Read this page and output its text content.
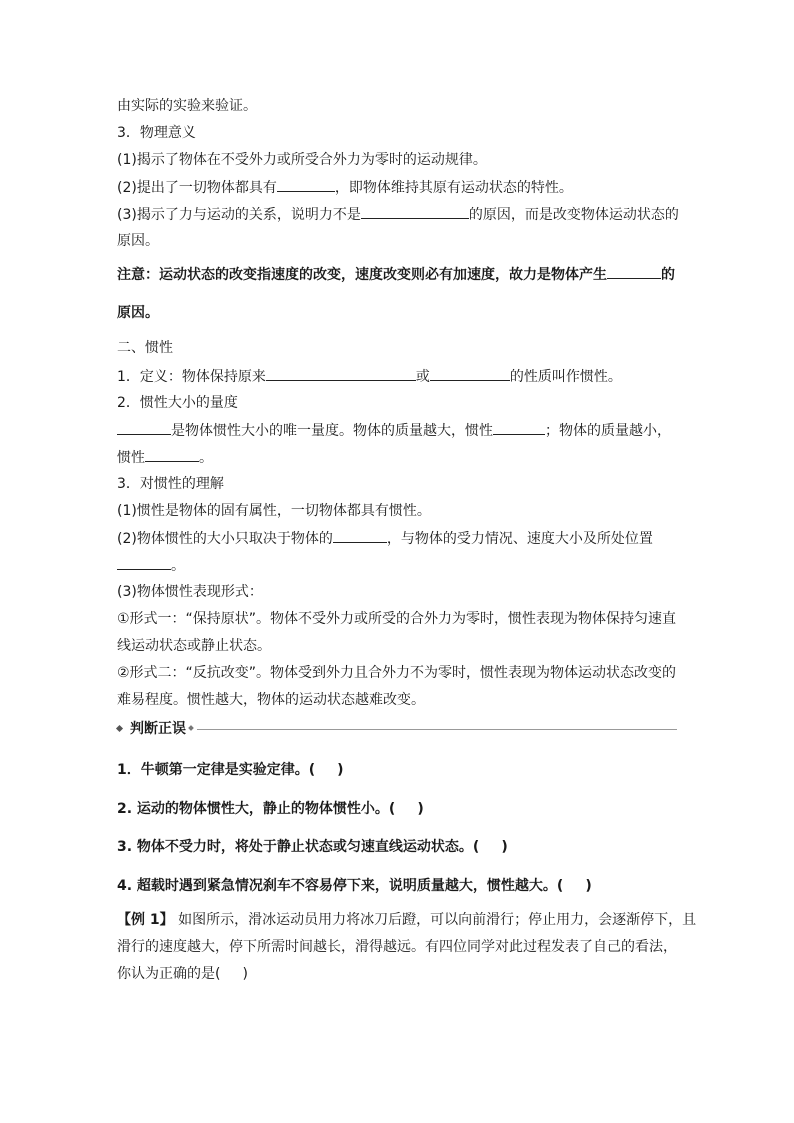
由实际的实验来验证。
3．物理意义
(1)揭示了物体在不受外力或所受合外力为零时的运动规律。
(2)提出了一切物体都具有	，即物体维持其原有运动状态的特性。
(3)揭示了力与运动的关系，说明力不是	的原因，而是改变物体运动状态的
原因。
注意：运动状态的改变指速度的改变，速度改变则必有加速度，故力是物体产生	的
原因。
二、惯性
1．定义：物体保持原来	或	的性质叫作惯性。
2．惯性大小的量度
是物体惯性大小的唯一量度。物体的质量越大，惯性	；物体的质量越小，
惯性	。
3．对惯性的理解
(1)惯性是物体的固有属性，一切物体都具有惯性。
(2)物体惯性的大小只取决于物体的	，与物体的受力情况、速度大小及所处位置
。
(3)物体惯性表现形式：
①形式一：“保持原状”。物体不受外力或所受的合外力为零时，惯性表现为物体保持匀速直
线运动状态或静止状态。
②形式二：“反抗改变”。物体受到外力且合外力不为零时，惯性表现为物体运动状态改变的
难易程度。惯性越大，物体的运动状态越难改变。
判断正误
1．牛顿第一定律是实验定律。( )
2. 运动的物体惯性大，静止的物体惯性小。( )
3. 物体不受力时，将处于静止状态或匀速直线运动状态。( )
4. 超载时遇到紧急情况刹车不容易停下来，说明质量越大，惯性越大。( )
【例 1】 如图所示，滑冰运动员用力将冰刀后蹬，可以向前滑行；停止用力，会逐渐停下，且
滑行的速度越大，停下所需时间越长，滑得越远。有四位同学对此过程发表了自己的看法，
你认为正确的是( )
